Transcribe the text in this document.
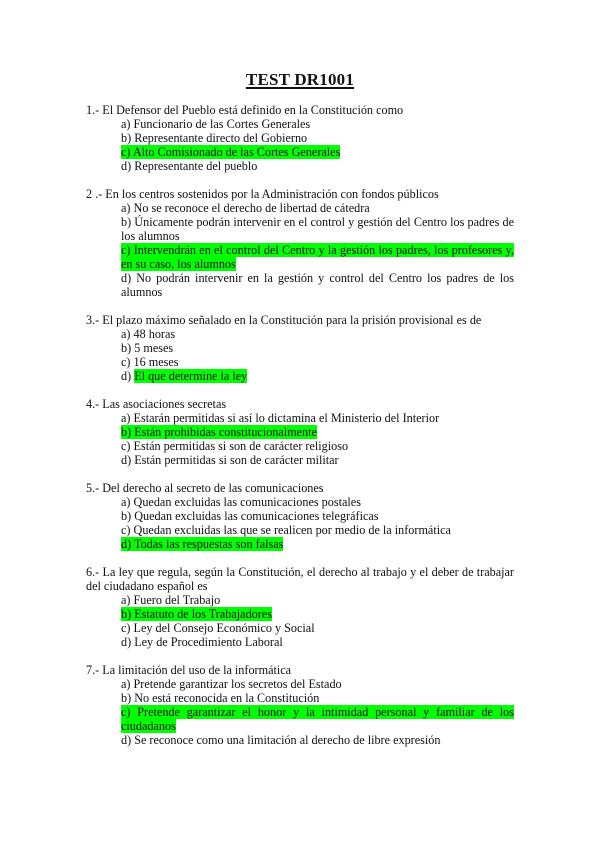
TEST DR1001
1.- El Defensor del Pueblo está definido en la Constitución como
a) Funcionario de las Cortes Generales
b) Representante directo del Gobierno
c) Alto Comisionado de las Cortes Generales
d) Representante del pueblo
2 .- En los centros sostenidos por la Administración con fondos públicos
a) No se reconoce el derecho de libertad de cátedra
b) Únicamente podrán intervenir en el control y gestión del Centro los padres de los alumnos
c) Intervendrán en el control del Centro y la gestión los padres, los profesores y, en su caso, los alumnos
d) No podrán intervenir en la gestión y control del Centro los padres de los alumnos
3.- El plazo máximo señalado en la Constitución para la prisión provisional es de
a) 48 horas
b) 5 meses
c) 16 meses
d) El que determine la ley
4.- Las asociaciones secretas
a) Estarán permitidas si así lo dictamina el Ministerio del Interior
b) Están prohibidas constitucionalmente
c) Están permitidas si son de carácter religioso
d) Están permitidas si son de carácter militar
5.- Del derecho al secreto de las comunicaciones
a) Quedan excluidas las comunicaciones postales
b) Quedan excluidas las comunicaciones telegráficas
c) Quedan excluidas las que se realicen por medio de la informática
d) Todas las respuestas son falsas
6.- La ley que regula, según la Constitución, el derecho al trabajo y el deber de trabajar del ciudadano español es
a) Fuero del Trabajo
b) Estatuto de los Trabajadores
c) Ley del Consejo Económico y Social
d) Ley de Procedimiento Laboral
7.- La limitación del uso de la informática
a) Pretende garantizar los secretos del Estado
b) No está reconocida en la Constitución
c) Pretende garantizar el honor y la intimidad personal y familiar de los ciudadanos
d) Se reconoce como una limitación al derecho de libre expresión
